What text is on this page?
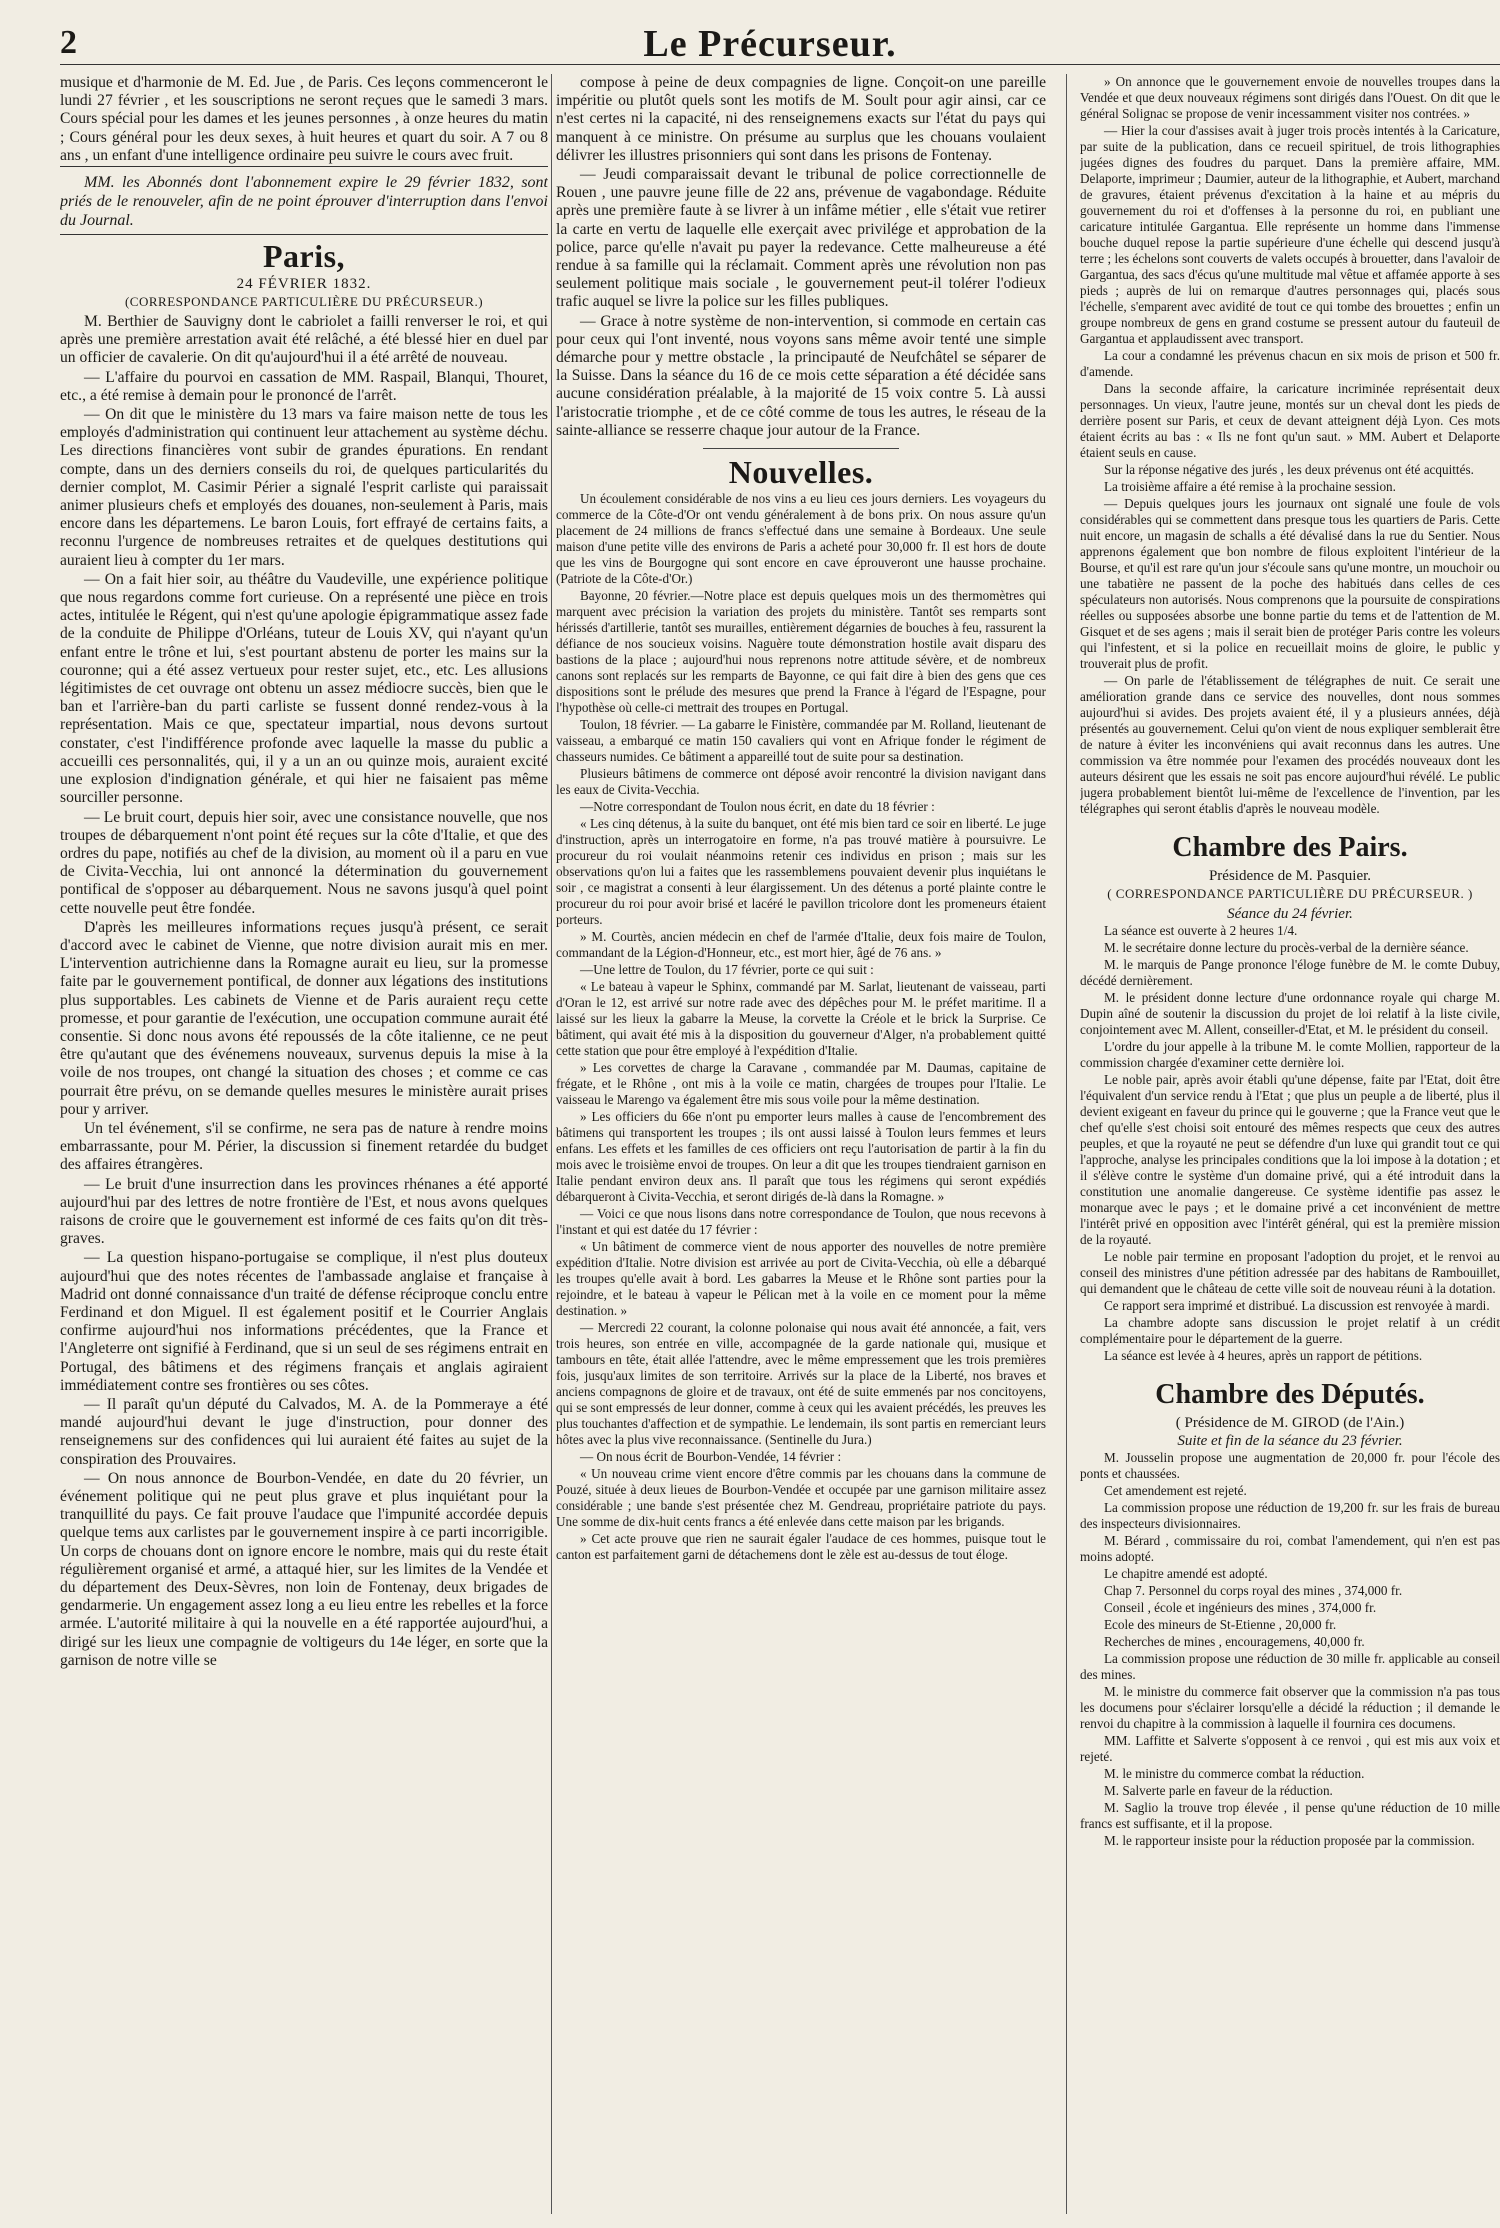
2	Le Précurseur.

musique et d'harmonie de M. Ed. Jue , de Paris. Ces leçons commenceront le lundi 27 février , et les souscriptions ne seront reçues que le samedi 3 mars. Cours spécial pour les dames et les jeunes personnes , à onze heures du matin ; Cours général pour les deux sexes, à huit heures et quart du soir. A 7 ou 8 ans , un enfant d'une intelligence ordinaire peu suivre le cours avec fruit.

MM. les Abonnés dont l'abonnement expire le 29 février 1832, sont priés de le renouveler, afin de ne point éprouver d'interruption dans l'envoi du Journal.

Paris,
24 FÉVRIER 1832.
(CORRESPONDANCE PARTICULIÈRE DU PRÉCURSEUR.)

M. Berthier de Sauvigny dont le cabriolet a failli renverser le roi, et qui après une première arrestation avait été relâché, a été blessé hier en duel par un officier de cavalerie. On dit qu'aujourd'hui il a été arrêté de nouveau.

— L'affaire du pourvoi en cassation de MM. Raspail, Blanqui, Thouret, etc., a été remise à demain pour le prononcé de l'arrêt.

— On dit que le ministère du 13 mars va faire maison nette de tous les employés d'administration qui continuent leur attachement au système déchu. Les directions financières vont subir de grandes épurations. En rendant compte, dans un des derniers conseils du roi, de quelques particularités du dernier complot, M. Casimir Périer a signalé l'esprit carliste qui paraissait animer plusieurs chefs et employés des douanes, non-seulement à Paris, mais encore dans les départemens. Le baron Louis, fort effrayé de certains faits, a reconnu l'urgence de nombreuses retraites et de quelques destitutions qui auraient lieu à compter du 1er mars.

— On a fait hier soir, au théâtre du Vaudeville, une expérience politique que nous regardons comme fort curieuse. On a représenté une pièce en trois actes, intitulée le Régent, qui n'est qu'une apologie épigrammatique assez fade de la conduite de Philippe d'Orléans, tuteur de Louis XV, qui n'ayant qu'un enfant entre le trône et lui, s'est pourtant abstenu de porter les mains sur la couronne; qui a été assez vertueux pour rester sujet, etc., etc. Les allusions légitimistes de cet ouvrage ont obtenu un assez médiocre succès, bien que le ban et l'arrière-ban du parti carliste se fussent donné rendez-vous à la représentation. Mais ce que, spectateur impartial, nous devons surtout constater, c'est l'indifférence profonde avec laquelle la masse du public a accueilli ces personnalités, qui, il y a un an ou quinze mois, auraient excité une explosion d'indignation générale, et qui hier ne faisaient pas même sourciller personne.

— Le bruit court, depuis hier soir, avec une consistance nouvelle, que nos troupes de débarquement n'ont point été reçues sur la côte d'Italie, et que des ordres du pape, notifiés au chef de la division, au moment où il a paru en vue de Civita-Vecchia, lui ont annoncé la détermination du gouvernement pontifical de s'opposer au débarquement. Nous ne savons jusqu'à quel point cette nouvelle peut être fondée.

D'après les meilleures informations reçues jusqu'à présent, ce serait d'accord avec le cabinet de Vienne, que notre division aurait mis en mer. L'intervention autrichienne dans la Romagne aurait eu lieu, sur la promesse faite par le gouvernement pontifical, de donner aux légations des institutions plus supportables. Les cabinets de Vienne et de Paris auraient reçu cette promesse, et pour garantie de l'exécution, une occupation commune aurait été consentie. Si donc nous avons été repoussés de la côte italienne, ce ne peut être qu'autant que des événemens nouveaux, survenus depuis la mise à la voile de nos troupes, ont changé la situation des choses ; et comme ce cas pourrait être prévu, on se demande quelles mesures le ministère aurait prises pour y arriver.

Un tel événement, s'il se confirme, ne sera pas de nature à rendre moins embarrassante, pour M. Périer, la discussion si finement retardée du budget des affaires étrangères.

— Le bruit d'une insurrection dans les provinces rhénanes a été apporté aujourd'hui par des lettres de notre frontière de l'Est, et nous avons quelques raisons de croire que le gouvernement est informé de ces faits qu'on dit très-graves.

— La question hispano-portugaise se complique, il n'est plus douteux aujourd'hui que des notes récentes de l'ambassade anglaise et française à Madrid ont donné connaissance d'un traité de défense réciproque conclu entre Ferdinand et don Miguel. Il est également positif et le Courrier Anglais confirme aujourd'hui nos informations précédentes, que la France et l'Angleterre ont signifié à Ferdinand, que si un seul de ses régimens entrait en Portugal, des bâtimens et des régimens français et anglais agiraient immédiatement contre ses frontières ou ses côtes.

— Il paraît qu'un député du Calvados, M. A. de la Pommeraye a été mandé aujourd'hui devant le juge d'instruction, pour donner des renseignemens sur des confidences qui lui auraient été faites au sujet de la conspiration des Prouvaires.

— On nous annonce de Bourbon-Vendée, en date du 20 février, un événement politique qui ne peut plus grave et plus inquiétant pour la tranquillité du pays. Ce fait prouve l'audace que l'impunité accordée depuis quelque tems aux carlistes par le gouvernement inspire à ce parti incorrigible. Un corps de chouans dont on ignore encore le nombre, mais qui du reste était régulièrement organisé et armé, a attaqué hier, sur les limites de la Vendée et du département des Deux-Sèvres, non loin de Fontenay, deux brigades de gendarmerie. Un engagement assez long a eu lieu entre les rebelles et la force armée. L'autorité militaire à qui la nouvelle en a été rapportée aujourd'hui, a dirigé sur les lieux une compagnie de voltigeurs du 14e léger, en sorte que la garnison de notre ville se

compose à peine de deux compagnies de ligne. Conçoit-on une pareille impéritie ou plutôt quels sont les motifs de M. Soult pour agir ainsi, car ce n'est certes ni la capacité, ni des renseignemens exacts sur l'état du pays qui manquent à ce ministre. On présume au surplus que les chouans voulaient délivrer les illustres prisonniers qui sont dans les prisons de Fontenay.

— Jeudi comparaissait devant le tribunal de police correctionnelle de Rouen , une pauvre jeune fille de 22 ans, prévenue de vagabondage. Réduite après une première faute à se livrer à un infâme métier , elle s'était vue retirer la carte en vertu de laquelle elle exerçait avec privilége et approbation de la police, parce qu'elle n'avait pu payer la redevance. Cette malheureuse a été rendue à sa famille qui la réclamait. Comment après une révolution non pas seulement politique mais sociale , le gouvernement peut-il tolérer l'odieux trafic auquel se livre la police sur les filles publiques.

— Grace à notre système de non-intervention, si commode en certain cas pour ceux qui l'ont inventé, nous voyons sans même avoir tenté une simple démarche pour y mettre obstacle , la principauté de Neufchâtel se séparer de la Suisse. Dans la séance du 16 de ce mois cette séparation a été décidée sans aucune considération préalable, à la majorité de 15 voix contre 5. Là aussi l'aristocratie triomphe , et de ce côté comme de tous les autres, le réseau de la sainte-alliance se resserre chaque jour autour de la France.

Nouvelles.

Un écoulement considérable de nos vins a eu lieu ces jours derniers. Les voyageurs du commerce de la Côte-d'Or ont vendu généralement à de bons prix. On nous assure qu'un placement de 24 millions de francs s'effectué dans une semaine à Bordeaux. Une seule maison d'une petite ville des environs de Paris a acheté pour 30,000 fr. Il est hors de doute que les vins de Bourgogne qui sont encore en cave éprouveront une hausse prochaine. (Patriote de la Côte-d'Or.)

Bayonne, 20 février.—Notre place est depuis quelques mois un des thermomètres qui marquent avec précision la variation des projets du ministère. Tantôt ses remparts sont hérissés d'artillerie, tantôt ses murailles, entièrement dégarnies de bouches à feu, rassurent la défiance de nos soucieux voisins. Naguère toute démonstration hostile avait disparu des bastions de la place ; aujourd'hui nous reprenons notre attitude sévère, et de nombreux canons sont replacés sur les remparts de Bayonne, ce qui fait dire à bien des gens que ces dispositions sont le prélude des mesures que prend la France à l'égard de l'Espagne, pour l'hypothèse où celle-ci mettrait des troupes en Portugal.

Toulon, 18 février. — La gabarre le Finistère, commandée par M. Rolland, lieutenant de vaisseau, a embarqué ce matin 150 cavaliers qui vont en Afrique fonder le régiment de chasseurs numides. Ce bâtiment a appareillé tout de suite pour sa destination.

Plusieurs bâtimens de commerce ont déposé avoir rencontré la division navigant dans les eaux de Civita-Vecchia.

—Notre correspondant de Toulon nous écrit, en date du 18 février :

« Les cinq détenus, à la suite du banquet, ont été mis bien tard ce soir en liberté. Le juge d'instruction, après un interrogatoire en forme, n'a pas trouvé matière à poursuivre. Le procureur du roi voulait néanmoins retenir ces individus en prison ; mais sur les observations qu'on lui a faites que les rassemblemens pouvaient devenir plus inquiétans le soir , ce magistrat a consenti à leur élargissement. Un des détenus a porté plainte contre le procureur du roi pour avoir brisé et lacéré le pavillon tricolore dont les promeneurs étaient porteurs.

» M. Courtès, ancien médecin en chef de l'armée d'Italie, deux fois maire de Toulon, commandant de la Légion-d'Honneur, etc., est mort hier, âgé de 76 ans. »

—Une lettre de Toulon, du 17 février, porte ce qui suit :

« Le bateau à vapeur le Sphinx, commandé par M. Sarlat, lieutenant de vaisseau, parti d'Oran le 12, est arrivé sur notre rade avec des dépêches pour M. le préfet maritime. Il a laissé sur les lieux la gabarre la Meuse, la corvette la Créole et le brick la Surprise. Ce bâtiment, qui avait été mis à la disposition du gouverneur d'Alger, n'a probablement quitté cette station que pour être employé à l'expédition d'Italie.

» Les corvettes de charge la Caravane , commandée par M. Daumas, capitaine de frégate, et le Rhône , ont mis à la voile ce matin, chargées de troupes pour l'Italie. Le vaisseau le Marengo va également être mis sous voile pour la même destination.

» Les officiers du 66e n'ont pu emporter leurs malles à cause de l'encombrement des bâtimens qui transportent les troupes ; ils ont aussi laissé à Toulon leurs femmes et leurs enfans. Les effets et les familles de ces officiers ont reçu l'autorisation de partir à la fin du mois avec le troisième envoi de troupes. On leur a dit que les troupes tiendraient garnison en Italie pendant environ deux ans. Il paraît que tous les régimens qui seront expédiés débarqueront à Civita-Vecchia, et seront dirigés de-là dans la Romagne. »

— Voici ce que nous lisons dans notre correspondance de Toulon, que nous recevons à l'instant et qui est datée du 17 février :

« Un bâtiment de commerce vient de nous apporter des nouvelles de notre première expédition d'Italie. Notre division est arrivée au port de Civita-Vecchia, où elle a débarqué les troupes qu'elle avait à bord. Les gabarres la Meuse et le Rhône sont parties pour la rejoindre, et le bateau à vapeur le Pélican met à la voile en ce moment pour la même destination. »

— Mercredi 22 courant, la colonne polonaise qui nous avait été annoncée, a fait, vers trois heures, son entrée en ville, accompagnée de la garde nationale qui, musique et tambours en tête, était allée l'attendre, avec le même empressement que les trois premières fois, jusqu'aux limites de son territoire. Arrivés sur la place de la Liberté, nos braves et anciens compagnons de gloire et de travaux, ont été de suite emmenés par nos concitoyens, qui se sont empressés de leur donner, comme à ceux qui les avaient précédés, les preuves les plus touchantes d'affection et de sympathie. Le lendemain, ils sont partis en remerciant leurs hôtes avec la plus vive reconnaissance. (Sentinelle du Jura.)

— On nous écrit de Bourbon-Vendée, 14 février :

« Un nouveau crime vient encore d'être commis par les chouans dans la commune de Pouzé, située à deux lieues de Bourbon-Vendée et occupée par une garnison militaire assez considérable ; une bande s'est présentée chez M. Gendreau, propriétaire patriote du pays. Une somme de dix-huit cents francs a été enlevée dans cette maison par les brigands.

» Cet acte prouve que rien ne saurait égaler l'audace de ces hommes, puisque tout le canton est parfaitement garni de détachemens dont le zèle est au-dessus de tout éloge.

» On annonce que le gouvernement envoie de nouvelles troupes dans la Vendée et que deux nouveaux régimens sont dirigés dans l'Ouest. On dit que le général Solignac se propose de venir incessamment visiter nos contrées. »

— Hier la cour d'assises avait à juger trois procès intentés à la Caricature, par suite de la publication, dans ce recueil spirituel, de trois lithographies jugées dignes des foudres du parquet. Dans la première affaire, MM. Delaporte, imprimeur ; Daumier, auteur de la lithographie, et Aubert, marchand de gravures, étaient prévenus d'excitation à la haine et au mépris du gouvernement du roi et d'offenses à la personne du roi, en publiant une caricature intitulée Gargantua. Elle représente un homme dans l'immense bouche duquel repose la partie supérieure d'une échelle qui descend jusqu'à terre ; les échelons sont couverts de valets occupés à brouetter, dans l'avaloir de Gargantua, des sacs d'écus qu'une multitude mal vêtue et affamée apporte à ses pieds ; auprès de lui on remarque d'autres personnages qui, placés sous l'échelle, s'emparent avec avidité de tout ce qui tombe des brouettes ; enfin un groupe nombreux de gens en grand costume se pressent autour du fauteuil de Gargantua et applaudissent avec transport.

La cour a condamné les prévenus chacun en six mois de prison et 500 fr. d'amende.

Dans la seconde affaire, la caricature incriminée représentait deux personnages. Un vieux, l'autre jeune, montés sur un cheval dont les pieds de derrière posent sur Paris, et ceux de devant atteignent déjà Lyon. Ces mots étaient écrits au bas : « Ils ne font qu'un saut. » MM. Aubert et Delaporte étaient seuls en cause.

Sur la réponse négative des jurés , les deux prévenus ont été acquittés.

La troisième affaire a été remise à la prochaine session.

— Depuis quelques jours les journaux ont signalé une foule de vols considérables qui se commettent dans presque tous les quartiers de Paris. Cette nuit encore, un magasin de schalls a été dévalisé dans la rue du Sentier. Nous apprenons également que bon nombre de filous exploitent l'intérieur de la Bourse, et qu'il est rare qu'un jour s'écoule sans qu'une montre, un mouchoir ou une tabatière ne passent de la poche des habitués dans celles de ces spéculateurs non autorisés. Nous comprenons que la poursuite de conspirations réelles ou supposées absorbe une bonne partie du tems et de l'attention de M. Gisquet et de ses agens ; mais il serait bien de protéger Paris contre les voleurs qui l'infestent, et si la police en recueillait moins de gloire, le public y trouverait plus de profit.

— On parle de l'établissement de télégraphes de nuit. Ce serait une amélioration grande dans ce service des nouvelles, dont nous sommes aujourd'hui si avides. Des projets avaient été, il y a plusieurs années, déjà présentés au gouvernement. Celui qu'on vient de nous expliquer semblerait être de nature à éviter les inconvéniens qui avait reconnus dans les autres. Une commission va être nommée pour l'examen des procédés nouveaux dont les auteurs désirent que les essais ne soit pas encore aujourd'hui révélé. Le public jugera probablement bientôt lui-même de l'excellence de l'invention, par les télégraphes qui seront établis d'après le nouveau modèle.

Chambre des Pairs.
Présidence de M. Pasquier.
( CORRESPONDANCE PARTICULIÈRE DU PRÉCURSEUR. )
Séance du 24 février.

La séance est ouverte à 2 heures 1/4.

M. le secrétaire donne lecture du procès-verbal de la dernière séance.

M. le marquis de Pange prononce l'éloge funèbre de M. le comte Dubuy, décédé dernièrement.

M. le président donne lecture d'une ordonnance royale qui charge M. Dupin aîné de soutenir la discussion du projet de loi relatif à la liste civile, conjointement avec M. Allent, conseiller-d'Etat, et M. le président du conseil.

L'ordre du jour appelle à la tribune M. le comte Mollien, rapporteur de la commission chargée d'examiner cette dernière loi.

Le noble pair, après avoir établi qu'une dépense, faite par l'Etat, doit être l'équivalent d'un service rendu à l'Etat ; que plus un peuple a de liberté, plus il devient exigeant en faveur du prince qui le gouverne ; que la France veut que le chef qu'elle s'est choisi soit entouré des mêmes respects que ceux des autres peuples, et que la royauté ne peut se défendre d'un luxe qui grandit tout ce qui l'approche, analyse les principales conditions que la loi impose à la dotation ; et il s'élève contre le système d'un domaine privé, qui a été introduit dans la constitution une anomalie dangereuse. Ce système identifie pas assez le monarque avec le pays ; et le domaine privé a cet inconvénient de mettre l'intérêt privé en opposition avec l'intérêt général, qui est la première mission de la royauté.

Le noble pair termine en proposant l'adoption du projet, et le renvoi au conseil des ministres d'une pétition adressée par des habitans de Rambouillet, qui demandent que le château de cette ville soit de nouveau réuni à la dotation.

Ce rapport sera imprimé et distribué. La discussion est renvoyée à mardi.

La chambre adopte sans discussion le projet relatif à un crédit complémentaire pour le département de la guerre.

La séance est levée à 4 heures, après un rapport de pétitions.

Chambre des Députés.
( Présidence de M. GIROD (de l'Ain.)
Suite et fin de la séance du 23 février.

M. Jousselin propose une augmentation de 20,000 fr. pour l'école des ponts et chaussées.

Cet amendement est rejeté.

La commission propose une réduction de 19,200 fr. sur les frais de bureau des inspecteurs divisionnaires.

M. Bérard , commissaire du roi, combat l'amendement, qui n'en est pas moins adopté.

Le chapitre amendé est adopté.

Chap 7. Personnel du corps royal des mines , 374,000 fr.

Conseil , école et ingénieurs des mines , 374,000 fr.

Ecole des mineurs de St-Etienne , 20,000 fr.

Recherches de mines , encouragemens, 40,000 fr.

La commission propose une réduction de 30 mille fr. applicable au conseil des mines.

M. le ministre du commerce fait observer que la commission n'a pas tous les documens pour s'éclairer lorsqu'elle a décidé la réduction ; il demande le renvoi du chapitre à la commission à laquelle il fournira ces documens.

MM. Laffitte et Salverte s'opposent à ce renvoi , qui est mis aux voix et rejeté.

M. le ministre du commerce combat la réduction.

M. Salverte parle en faveur de la réduction.

M. Saglio la trouve trop élevée , il pense qu'une réduction de 10 mille francs est suffisante, et il la propose.

M. le rapporteur insiste pour la réduction proposée par la commission.
